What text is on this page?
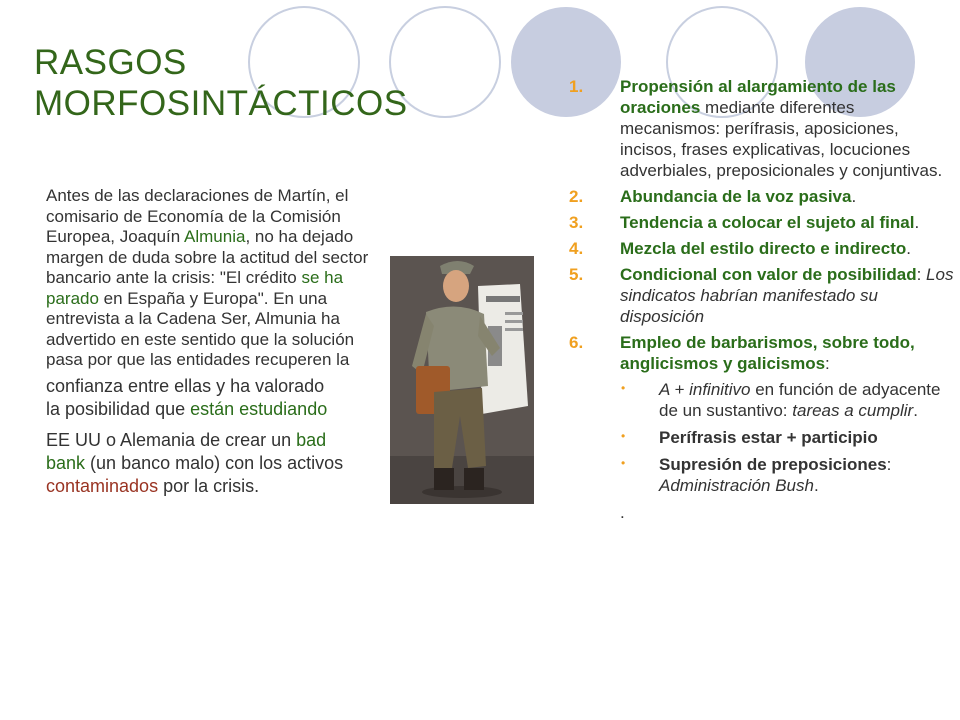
RASGOS
MORFOSINTÁCTICOS

Antes de las declaraciones de Martín, el comisario de Economía de la Comisión Europea, Joaquín Almunia, no ha dejado margen de duda sobre la actitud del sector bancario ante la crisis: "El crédito se ha parado en España y Europa". En una entrevista a la Cadena Ser, Almunia ha advertido en este sentido que la solución pasa por que las entidades recuperen la

confianza entre ellas y ha valorado
la posibilidad que están estudiando

EE UU o Alemania de crear un bad
bank (un banco malo) con los activos contaminados por la crisis.

1. Propensión al alargamiento de las oraciones mediante diferentes mecanismos: perífrasis, aposiciones, incisos, frases explicativas, locuciones adverbiales, preposicionales y conjuntivas.
2. Abundancia de la voz pasiva.
3. Tendencia a colocar el sujeto al final.
4. Mezcla del estilo directo e indirecto.
5. Condicional con valor de posibilidad: Los sindicatos habrían manifestado su disposición
6. Empleo de barbarismos, sobre todo, anglicismos y galicismos:
• A + infinitivo en función de adyacente de un sustantivo: tareas a cumplir.
• Perífrasis estar + participio
• Supresión de preposiciones: Administración Bush.
.
